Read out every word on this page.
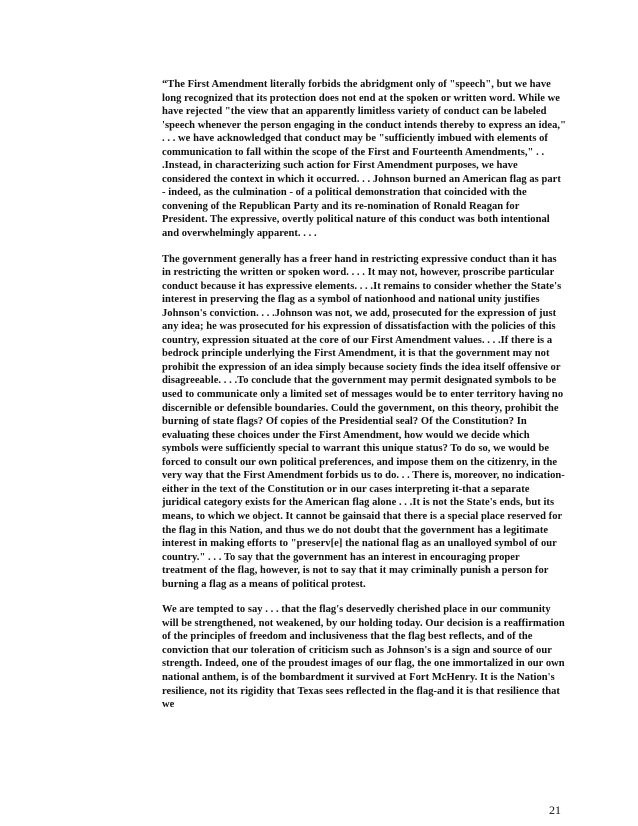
“The First Amendment literally forbids the abridgment only of "speech", but we have long recognized that its protection does not end at the spoken or written word. While we have rejected "the view that an apparently limitless variety of conduct can be labeled 'speech whenever the person engaging in the conduct intends thereby to express an idea," . . . we have acknowledged that conduct may be "sufficiently imbued with elements of communication to fall within the scope of the First and Fourteenth Amendments," . . .Instead, in characterizing such action for First Amendment purposes, we have considered the context in which it occurred. . . Johnson burned an American flag as part - indeed, as the culmination - of a political demonstration that coincided with the convening of the Republican Party and its re-nomination of Ronald Reagan for President. The expressive, overtly political nature of this conduct was both intentional and overwhelmingly apparent. . . .

The government generally has a freer hand in restricting expressive conduct than it has in restricting the written or spoken word. . . . It may not, however, proscribe particular conduct because it has expressive elements. . . .It remains to consider whether the State's interest in preserving the flag as a symbol of nationhood and national unity justifies Johnson's conviction. . . .Johnson was not, we add, prosecuted for the expression of just any idea; he was prosecuted for his expression of dissatisfaction with the policies of this country, expression situated at the core of our First Amendment values. . . .If there is a bedrock principle underlying the First Amendment, it is that the government may not prohibit the expression of an idea simply because society finds the idea itself offensive or disagreeable. . . .To conclude that the government may permit designated symbols to be used to communicate only a limited set of messages would be to enter territory having no discernible or defensible boundaries. Could the government, on this theory, prohibit the burning of state flags? Of copies of the Presidential seal? Of the Constitution? In evaluating these choices under the First Amendment, how would we decide which symbols were sufficiently special to warrant this unique status? To do so, we would be forced to consult our own political preferences, and impose them on the citizenry, in the very way that the First Amendment forbids us to do. . . There is, moreover, no indication-either in the text of the Constitution or in our cases interpreting it-that a separate juridical category exists for the American flag alone . . .It is not the State's ends, but its means, to which we object. It cannot be gainsaid that there is a special place reserved for the flag in this Nation, and thus we do not doubt that the government has a legitimate interest in making efforts to "preserv[e] the national flag as an unalloyed symbol of our country." . . . To say that the government has an interest in encouraging proper treatment of the flag, however, is not to say that it may criminally punish a person for burning a flag as a means of political protest.

We are tempted to say . . . that the flag's deservedly cherished place in our community will be strengthened, not weakened, by our holding today. Our decision is a reaffirmation of the principles of freedom and inclusiveness that the flag best reflects, and of the conviction that our toleration of criticism such as Johnson's is a sign and source of our strength. Indeed, one of the proudest images of our flag, the one immortalized in our own national anthem, is of the bombardment it survived at Fort McHenry. It is the Nation's resilience, not its rigidity that Texas sees reflected in the flag-and it is that resilience that we

21
